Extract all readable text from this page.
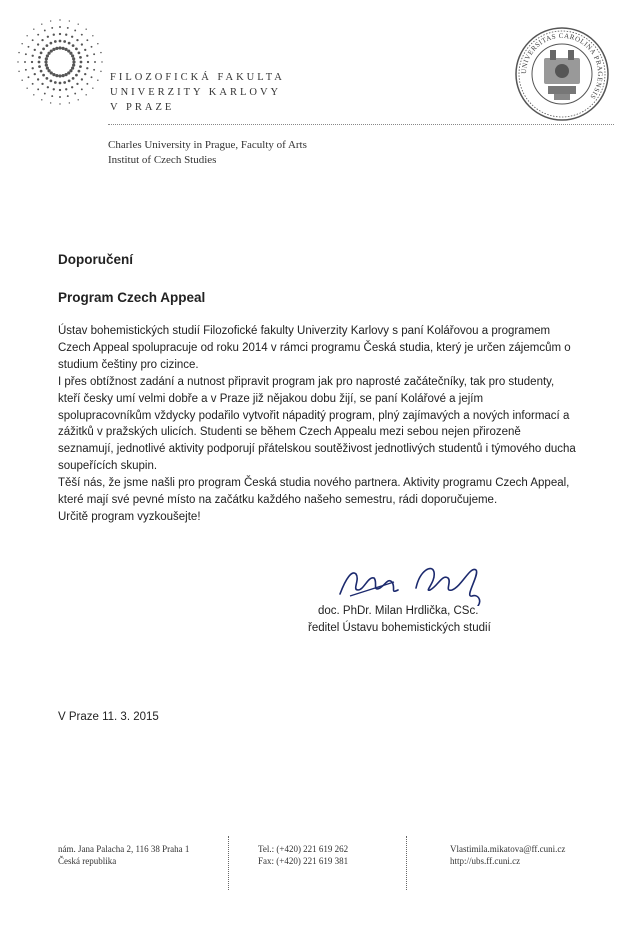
FILOZOFICKÁ FAKULTA
UNIVERZITY KARLOVY
V PRAZE
UNIVERSITAS CAROLINA PRAGENSIS
Charles University in Prague, Faculty of Arts
Institut of Czech Studies
Doporučení
Program Czech Appeal

Ústav bohemistických studií Filozofické fakulty Univerzity Karlovy s paní Kolářovou a programem Czech Appeal spolupracuje od roku 2014 v rámci programu Česká studia, který je určen zájemcům o studium češtiny pro cizince.

I přes obtížnost zadání a nutnost připravit program jak pro naprosté začátečníky, tak pro studenty, kteří česky umí velmi dobře a v Praze již nějakou dobu žijí, se paní Kolářové a jejím spolupracovníkům vždycky podařilo vytvořit nápaditý program, plný zajímavých a nových informací a zážitků v pražských ulicích. Studenti se během Czech Appealu mezi sebou nejen přirozeně seznamují, jednotlivé aktivity podporují přátelskou soutěživost jednotlivých studentů i týmového ducha soupeřících skupin.

Těší nás, že jsme našli pro program Česká studia nového partnera. Aktivity programu Czech Appeal, které mají své pevné místo na začátku každého našeho semestru, rádi doporučujeme.

Určitě program vyzkoušejte!

doc. PhDr. Milan Hrdlička, CSc.
ředitel Ústavu bohemistických studií
V Praze 11. 3. 2015
nám. Jana Palacha 2, 116 38 Praha 1
Česká republika
Tel.: (+420) 221 619 262
Fax: (+420) 221 619 381
Vlastimila.mikatova@ff.cuni.cz
http://ubs.ff.cuni.cz
